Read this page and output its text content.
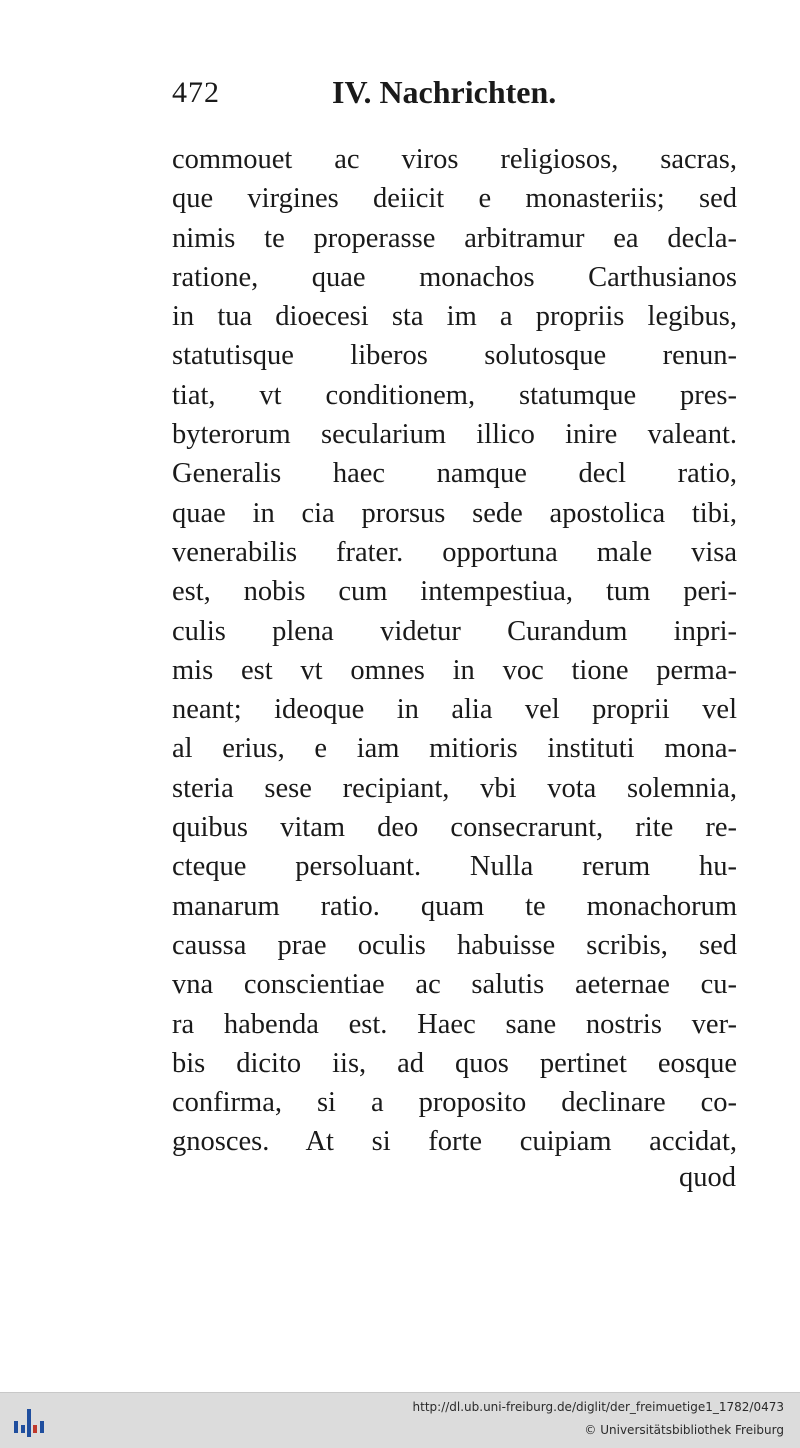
472	IV. Nachrichten.
commouet ac viros religiosos, sacras,
que virgines deiicit e monasteriis; sed
nimis te properasse arbitramur ea decla-
ratione, quae monachos Carthusianos
in tua dioecesi sta im a propriis legibus,
statutisque liberos solutosque renun-
tiat, vt conditionem, statumque pres-
byterorum secularium illico inire valeant.
Generalis haec namque decl ratio,
quae in cia prorsus sede apostolica tibi,
venerabilis frater. opportuna male visa
est, nobis cum intempestiua, tum peri-
culis plena videtur Curandum inpri-
mis est vt omnes in voc tione perma-
neant; ideoque in alia vel proprii vel
al erius, e iam mitioris instituti mona-
steria sese recipiant, vbi vota solemnia,
quibus vitam deo consecrarunt, rite re-
cteque persoluant. Nulla rerum hu-
manarum ratio. quam te monachorum
caussa prae oculis habuisse scribis, sed
vna conscientiae ac salutis aeternae cu-
ra habenda est. Haec sane nostris ver-
bis dicito iis, ad quos pertinet eosque
confirma, si a proposito declinare co-
gnosces. At si forte cuipiam accidat,
quod
http://dl.ub.uni-freiburg.de/diglit/der_freimuetige1_1782/0473
© Universitätsbibliothek Freiburg
